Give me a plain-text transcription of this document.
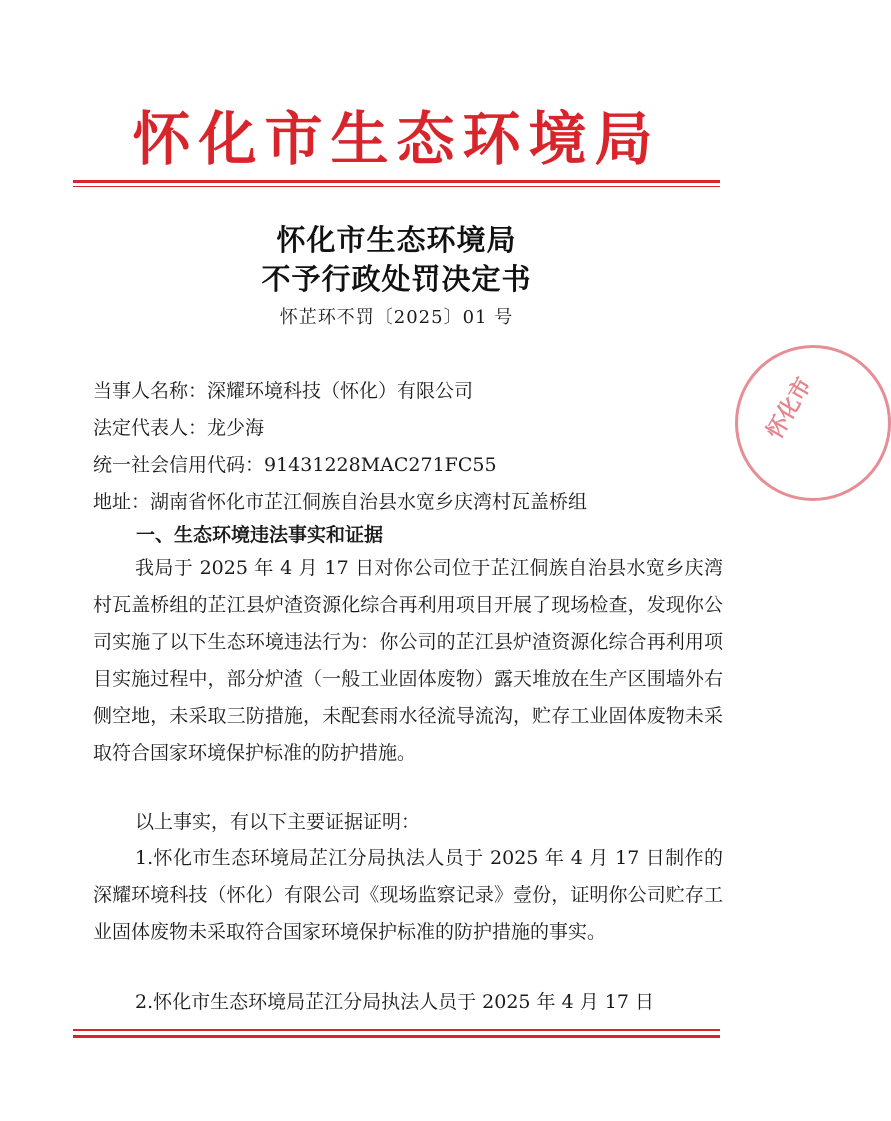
怀化市生态环境局
怀化市生态环境局
不予行政处罚决定书
怀芷环不罚〔2025〕01 号
当事人名称：深耀环境科技（怀化）有限公司
法定代表人：龙少海
统一社会信用代码：91431228MAC271FC55
地址：湖南省怀化市芷江侗族自治县水宽乡庆湾村瓦盖桥组
一、生态环境违法事实和证据
我局于 2025 年 4 月 17 日对你公司位于芷江侗族自治县水宽乡庆湾村瓦盖桥组的芷江县炉渣资源化综合再利用项目开展了现场检查，发现你公司实施了以下生态环境违法行为：你公司的芷江县炉渣资源化综合再利用项目实施过程中，部分炉渣（一般工业固体废物）露天堆放在生产区围墙外右侧空地，未采取三防措施，未配套雨水径流导流沟，贮存工业固体废物未采取符合国家环境保护标准的防护措施。
以上事实，有以下主要证据证明：
1.怀化市生态环境局芷江分局执法人员于 2025 年 4 月 17 日制作的深耀环境科技（怀化）有限公司《现场监察记录》壹份，证明你公司贮存工业固体废物未采取符合国家环境保护标准的防护措施的事实。
2.怀化市生态环境局芷江分局执法人员于 2025 年 4 月 17 日
怀化市
